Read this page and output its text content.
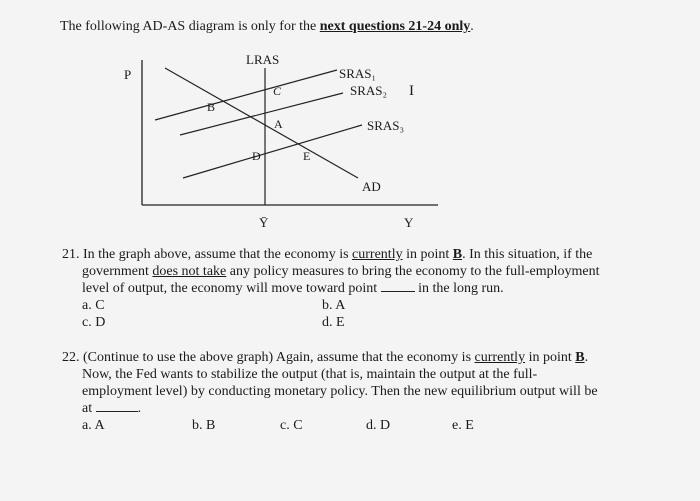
The following AD-AS diagram is only for the next questions 21-24 only.
P
Y
Ȳ
LRAS
SRAS₁
SRAS₂
SRAS₃
AD
B
C
A
D	E
I
21. In the graph above, assume that the economy is currently in point B. In this situation, if the
government does not take any policy measures to bring the economy to the full-employment
level of output, the economy will move toward point	in the long run.
a. C	b. A
c. D	d. E
22. (Continue to use the above graph) Again, assume that the economy is currently in point B.
Now, the Fed wants to stabilize the output (that is, maintain the output at the full-
employment level) by conducting monetary policy. Then the new equilibrium output will be
at	.
a. A	b. B	c. C	d. D	e. E
